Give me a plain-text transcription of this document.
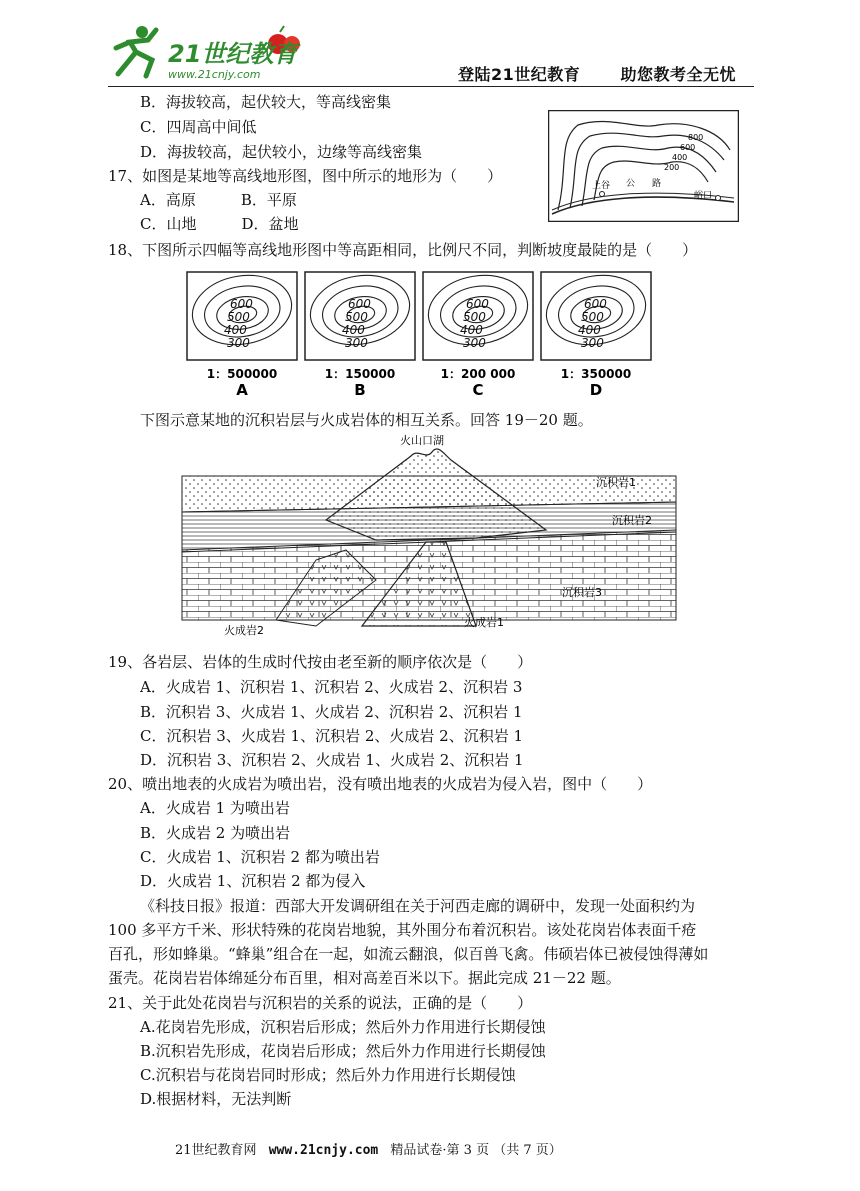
21世纪教育
www.21cnjy.com	登陆21世纪教育	助您教考全无忧
B．海拔较高，起伏较大，等高线密集
C．四周高中间低
D．海拔较高，起伏较小，边缘等高线密集
17、如图是某地等高线地形图，图中所示的地形为（　　）
A．高原	B．平原
C．山地	D．盆地
800
600
400
200
上谷 公 路
峪口
18、下图所示四幅等高线地形图中等高距相同，比例尺不同，判断坡度最陡的是（　　）
600
500
400
300
1：500000
A
600
500
400
300
1：150000
B
600
500
400
300
1：200 000
C
600
500
400
300
1：350000
D
下图示意某地的沉积岩层与火成岩体的相互关系。回答 19－20 题。
火山口湖
沉积岩1
沉积岩2
沉积岩3
火成岩1
火成岩2
19、各岩层、岩体的生成时代按由老至新的顺序依次是（　　）
A．火成岩 1、沉积岩 1、沉积岩 2、火成岩 2、沉积岩 3
B．沉积岩 3、火成岩 1、火成岩 2、沉积岩 2、沉积岩 1
C．沉积岩 3、火成岩 1、沉积岩 2、火成岩 2、沉积岩 1
D．沉积岩 3、沉积岩 2、火成岩 1、火成岩 2、沉积岩 1
20、喷出地表的火成岩为喷出岩，没有喷出地表的火成岩为侵入岩，图中（　　）
A．火成岩 1 为喷出岩
B．火成岩 2 为喷出岩
C．火成岩 1、沉积岩 2 都为喷出岩
D．火成岩 1、沉积岩 2 都为侵入
《科技日报》报道：西部大开发调研组在关于河西走廊的调研中，发现一处面积约为
100 多平方千米、形状特殊的花岗岩地貌，其外围分布着沉积岩。该处花岗岩体表面千疮
百孔，形如蜂巢。“蜂巢”组合在一起，如流云翻浪，似百兽飞禽。伟硕岩体已被侵蚀得薄如
蛋壳。花岗岩岩体绵延分布百里，相对高差百米以下。据此完成 21－22 题。
21、关于此处花岗岩与沉积岩的关系的说法，正确的是（　　）
A.花岗岩先形成，沉积岩后形成；然后外力作用进行长期侵蚀
B.沉积岩先形成，花岗岩后形成；然后外力作用进行长期侵蚀
C.沉积岩与花岗岩同时形成；然后外力作用进行长期侵蚀
D.根据材料，无法判断
21世纪教育网 www.21cnjy.com 精品试卷·第 3 页 （共 7 页）
